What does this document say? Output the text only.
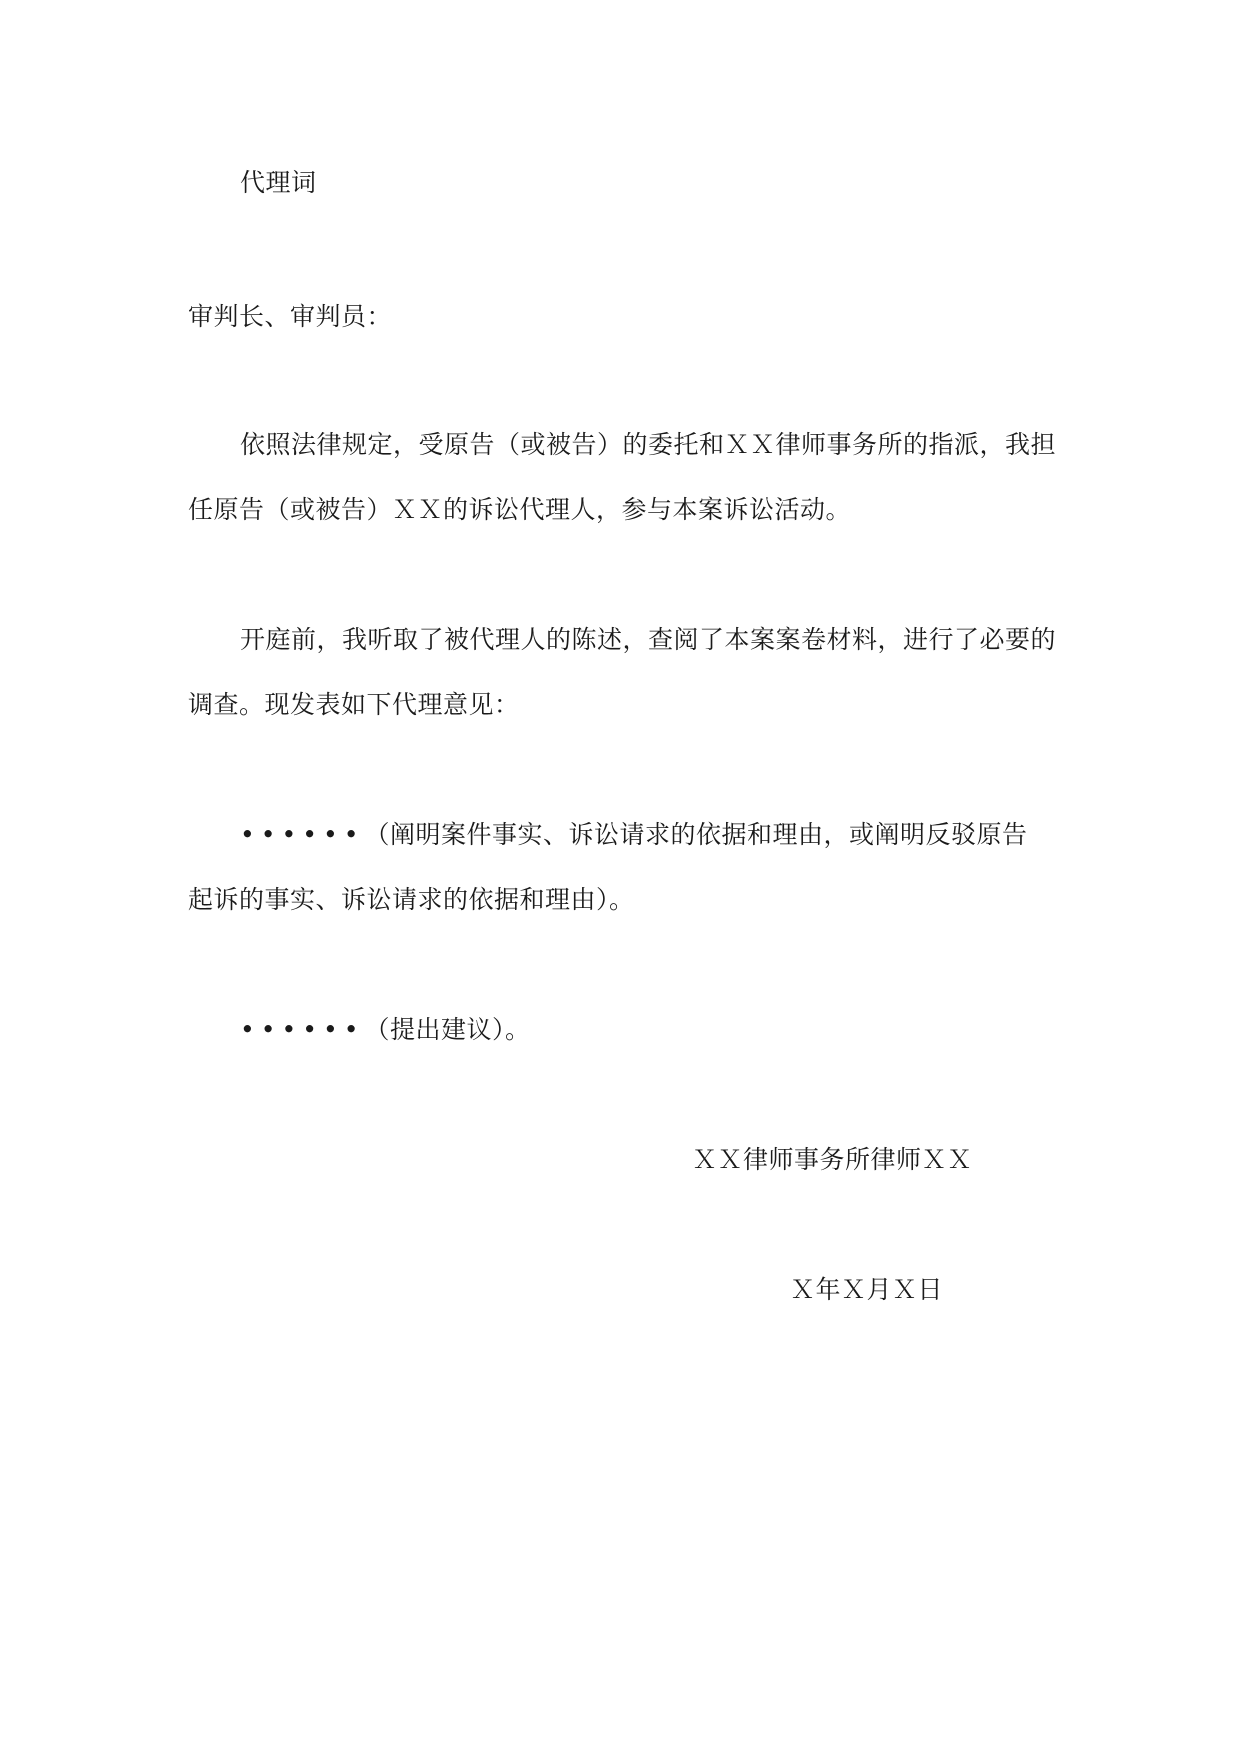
代理词
审判长、审判员：
依照法律规定，受原告（或被告）的委托和ＸＸ律师事务所的指派，我担
任原告（或被告）ＸＸ的诉讼代理人，参与本案诉讼活动。
开庭前，我听取了被代理人的陈述，查阅了本案案卷材料，进行了必要的
调查。现发表如下代理意见：
••••••（阐明案件事实、诉讼请求的依据和理由，或阐明反驳原告
起诉的事实、诉讼请求的依据和理由）。
••••••（提出建议）。
ＸＸ律师事务所律师ＸＸ
Ｘ年Ｘ月Ｘ日
